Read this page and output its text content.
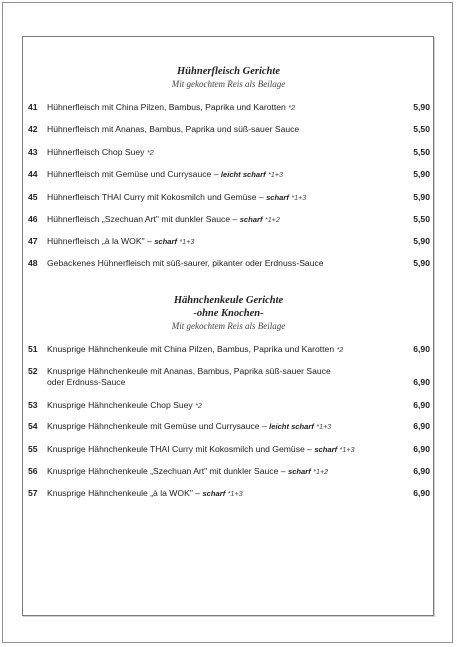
Hühnerfleisch Gerichte
Mit gekochtem Reis als Beilage
41 Hühnerfleisch mit China Pilzen, Bambus, Paprika und Karotten *2	5,90
42 Hühnerfleisch mit Ananas, Bambus, Paprika und süß-sauer Sauce	5,50
43 Hühnerfleisch Chop Suey *2	5,50
44 Hühnerfleisch mit Gemüse und Currysauce – leicht scharf *1+3	5,90
45 Hühnerfleisch THAI Curry mit Kokosmilch und Gemüse – scharf *1+3	5,90
46 Hühnerfleisch „Szechuan Art" mit dunkler Sauce – scharf *1+2	5,50
47 Hühnerfleisch „à la WOK" – scharf *1+3	5,90
48 Gebackenes Hühnerfleisch mit süß-saurer, pikanter oder Erdnuss-Sauce	5,90
Hähnchenkeule Gerichte
-ohne Knochen-
Mit gekochtem Reis als Beilage
51 Knusprige Hähnchenkeule mit China Pilzen, Bambus, Paprika und Karotten *2	6,90
52 Knusprige Hähnchenkeule mit Ananas, Bambus, Paprika süß-sauer Sauce
oder Erdnuss-Sauce	6,90
53 Knusprige Hähnchenkeule Chop Suey *2	6,90
54 Knusprige Hähnchenkeule mit Gemüse und Currysauce – leicht scharf *1+3	6,90
55 Knusprige Hähnchenkeule THAI Curry mit Kokosmilch und Gemüse – scharf *1+3	6,90
56 Knusprige Hähnchenkeule „Szechuan Art" mit dunkler Sauce – scharf *1+2	6,90
57 Knusprige Hähnchenkeule „à la WOK" – scharf *1+3	6,90
